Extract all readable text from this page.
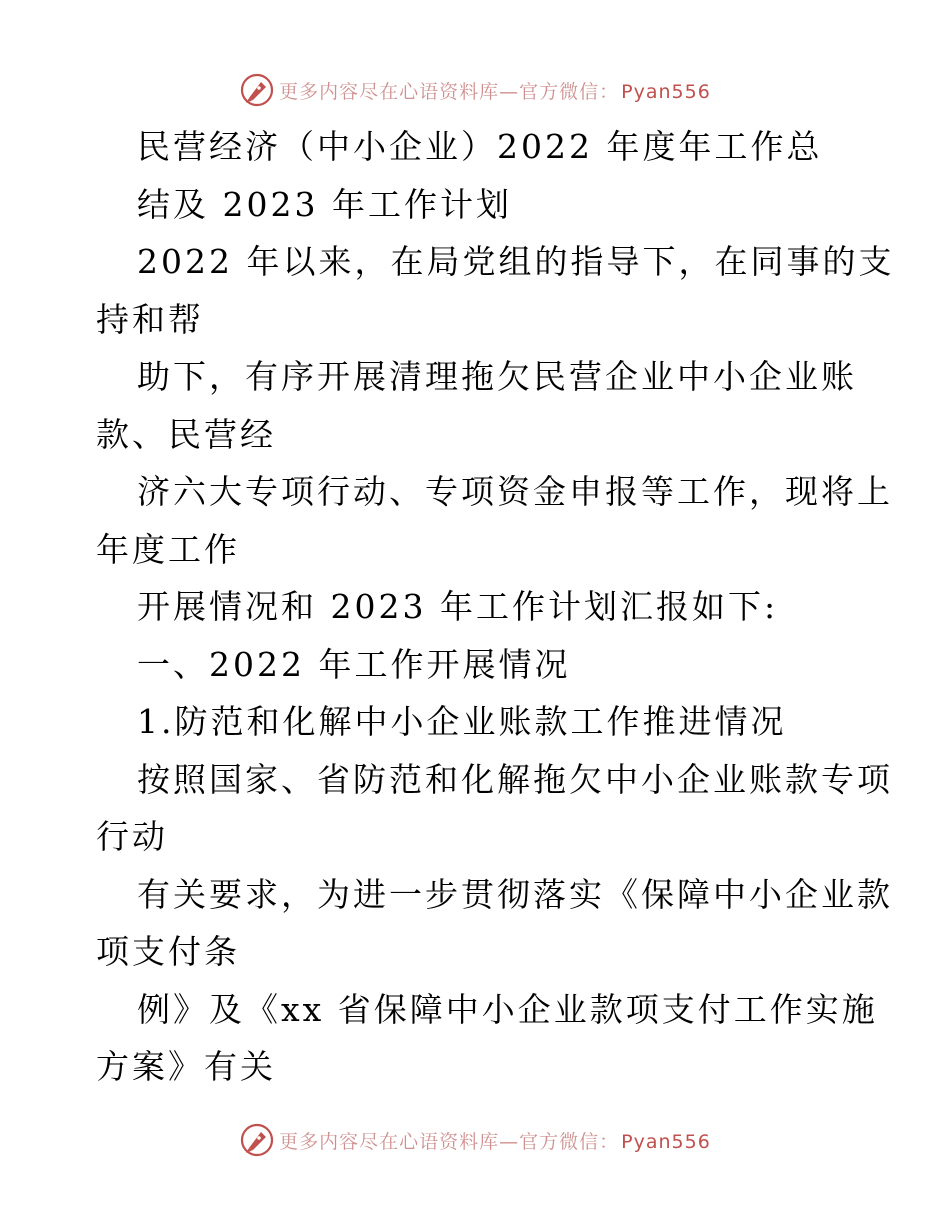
更多内容尽在心语资料库—官方微信： Pyan556
民营经济（中小企业）2022 年度年工作总
结及 2023 年工作计划
2022 年以来，在局党组的指导下，在同事的支
持和帮
助下，有序开展清理拖欠民营企业中小企业账
款、民营经
济六大专项行动、专项资金申报等工作，现将上
年度工作
开展情况和 2023 年工作计划汇报如下:
一、2022 年工作开展情况
1.防范和化解中小企业账款工作推进情况
按照国家、省防范和化解拖欠中小企业账款专项
行动
有关要求，为进一步贯彻落实《保障中小企业款
项支付条
例》及《xx 省保障中小企业款项支付工作实施
方案》有关
更多内容尽在心语资料库—官方微信： Pyan556
